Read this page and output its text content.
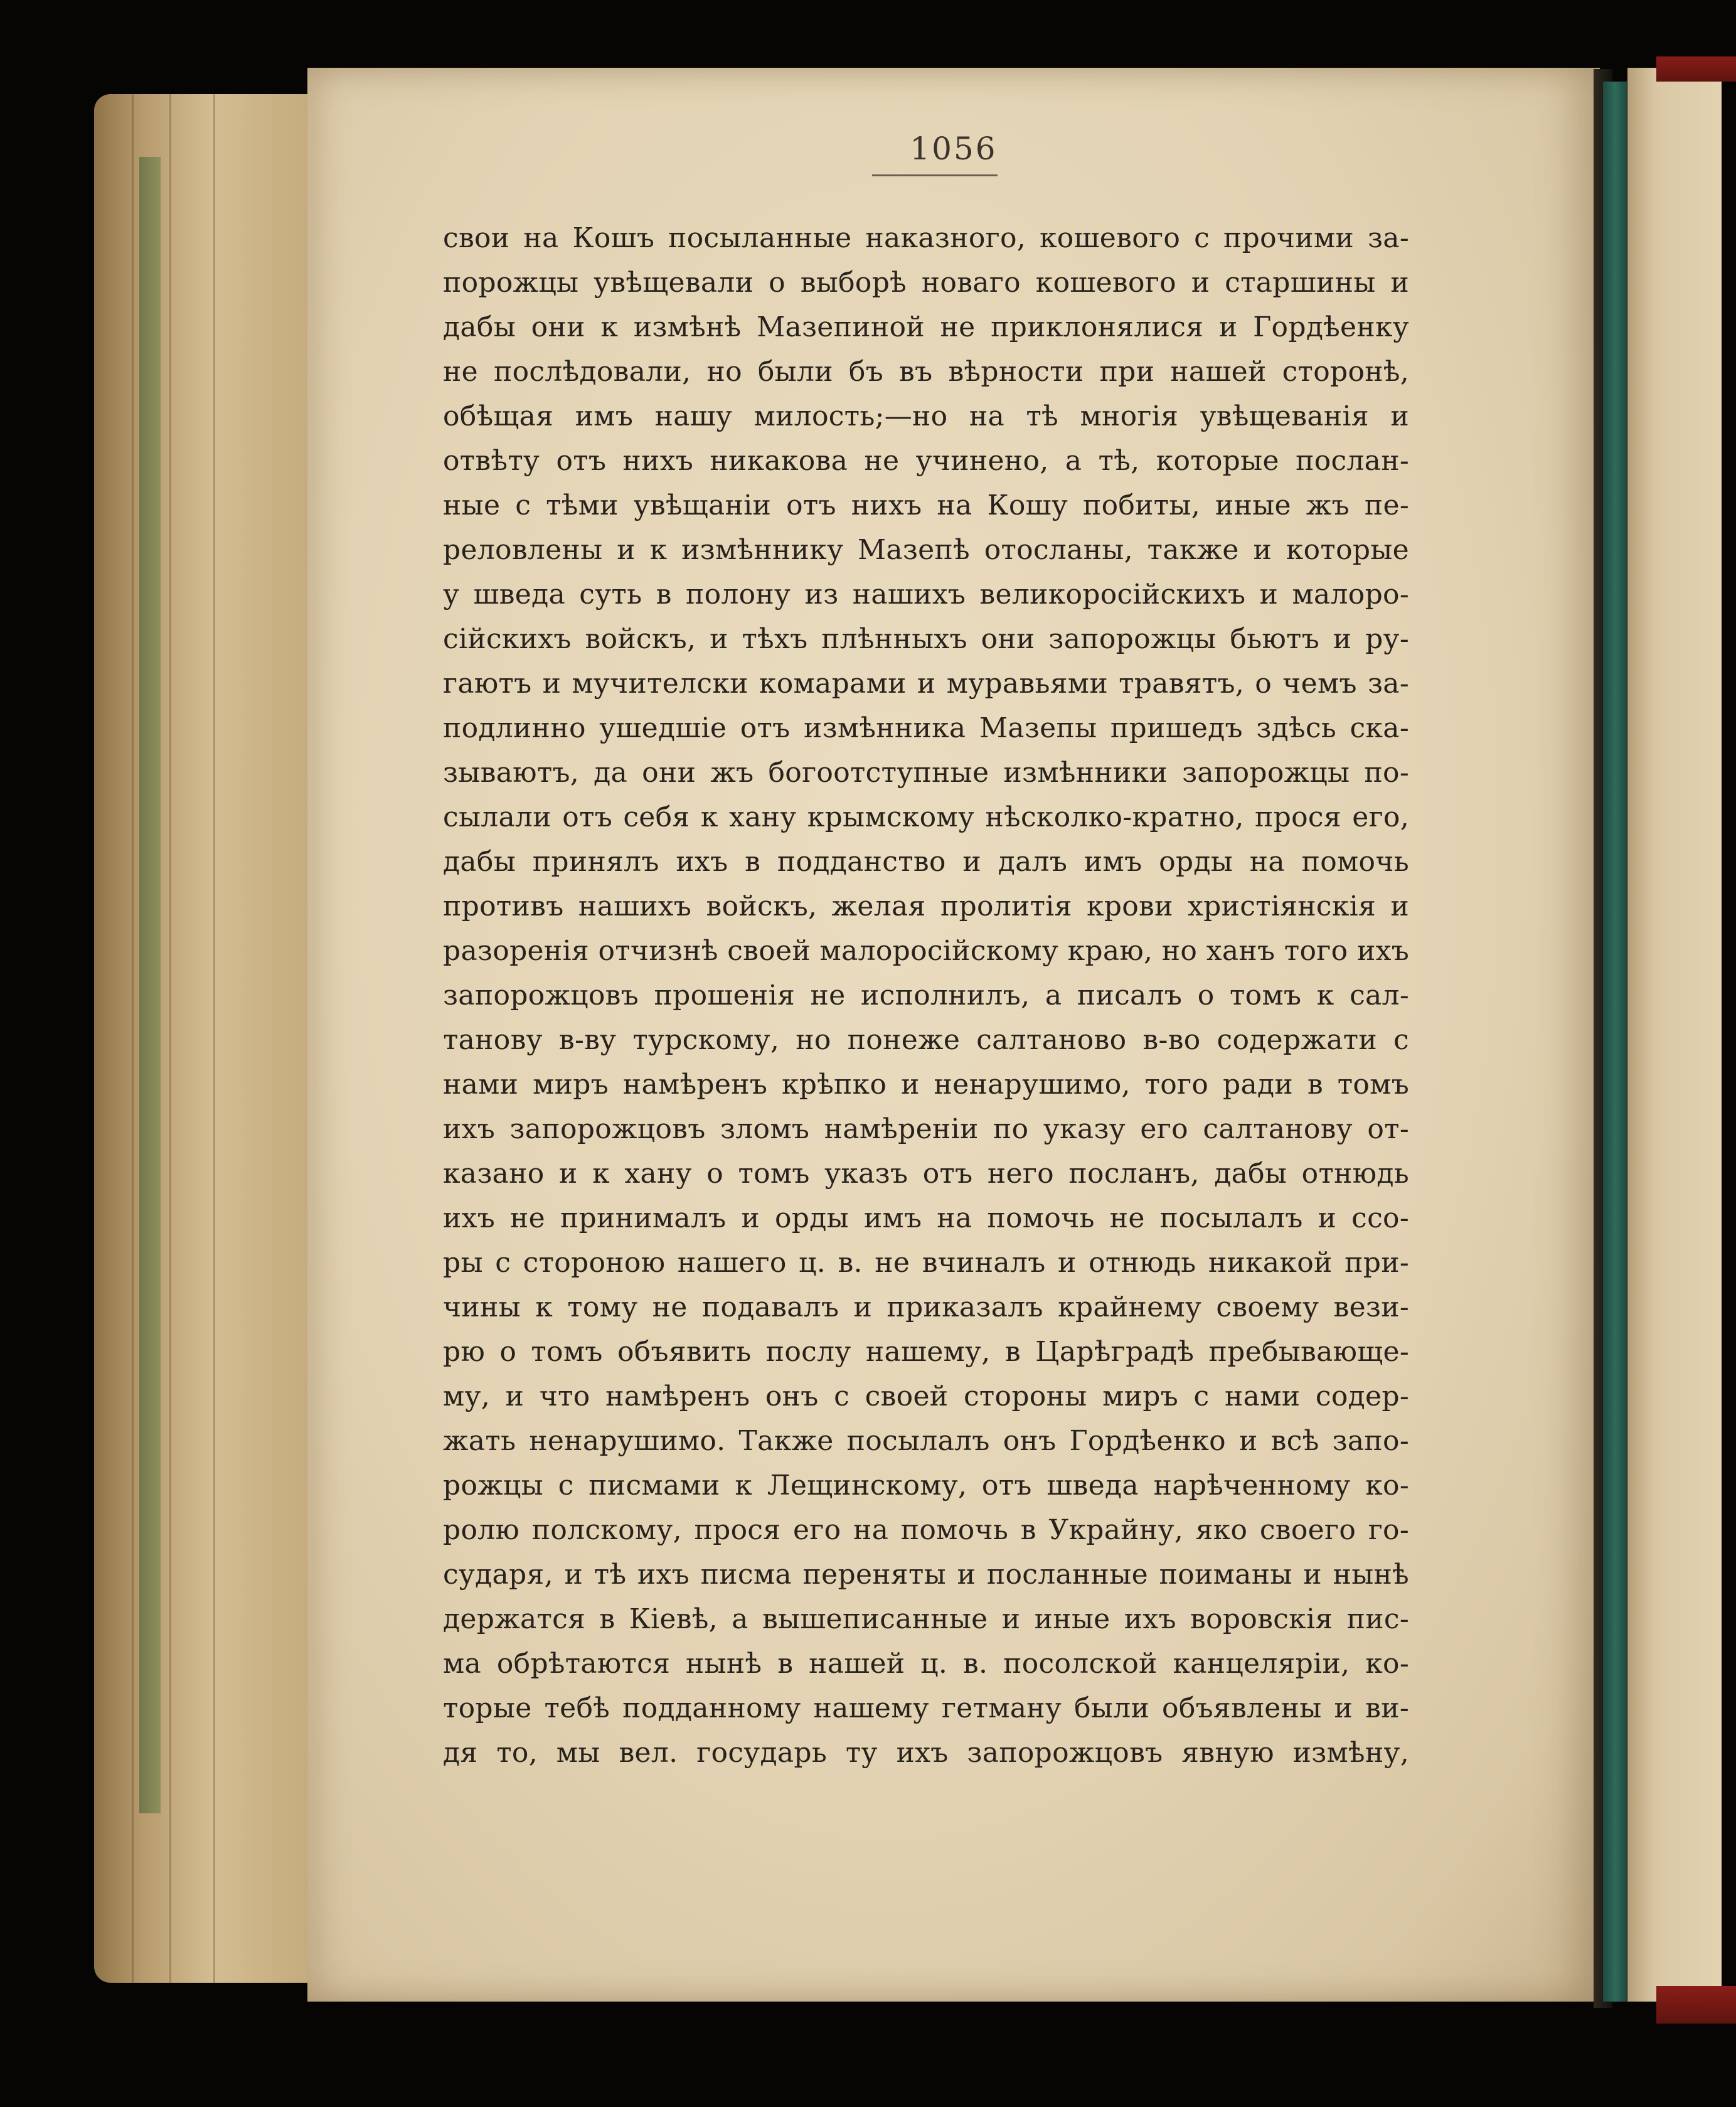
1056
свои на Кошъ посыланные наказного, кошевого с прочими за-
порожцы увѣщевали о выборѣ новаго кошевого и старшины и
дабы они к измѣнѣ Мазепиной не приклонялися и Гордѣенку
не послѣдовали, но были бъ въ вѣрности при нашей сторонѣ,
обѣщая имъ нашу милость;—но на тѣ многія увѣщеванія и
отвѣту отъ нихъ никакова не учинено, а тѣ, которые послан-
ные с тѣми увѣщаніи отъ нихъ на Кошу побиты, иные жъ пе-
реловлены и к измѣннику Мазепѣ отосланы, также и которые
у шведа суть в полону из нашихъ великоросійскихъ и малоро-
сійскихъ войскъ, и тѣхъ плѣнныхъ они запорожцы бьютъ и ру-
гаютъ и мучителски комарами и муравьями травятъ, о чемъ за-
подлинно ушедшіе отъ измѣнника Мазепы пришедъ здѣсь ска-
зываютъ, да они жъ богоотступные измѣнники запорожцы по-
сылали отъ себя к хану крымскому нѣсколко-кратно, прося его,
дабы принялъ ихъ в подданство и далъ имъ орды на помочь
противъ нашихъ войскъ, желая пролитія крови христіянскія и
разоренія отчизнѣ своей малоросійскому краю, но ханъ того ихъ
запорожцовъ прошенія не исполнилъ, а писалъ о томъ к сал-
танову в-ву турскому, но понеже салтаново в-во содержати с
нами миръ намѣренъ крѣпко и ненарушимо, того ради в томъ
ихъ запорожцовъ зломъ намѣреніи по указу его салтанову от-
казано и к хану о томъ указъ отъ него посланъ, дабы отнюдь
ихъ не принималъ и орды имъ на помочь не посылалъ и ссо-
ры с стороною нашего ц. в. не вчиналъ и отнюдь никакой при-
чины к тому не подавалъ и приказалъ крайнему своему вези-
рю о томъ объявить послу нашему, в Царѣградѣ пребывающе-
му, и что намѣренъ онъ с своей стороны миръ с нами содер-
жать ненарушимо. Также посылалъ онъ Гордѣенко и всѣ запо-
рожцы с писмами к Лещинскому, отъ шведа нарѣченному ко-
ролю полскому, прося его на помочь в Украйну, яко своего го-
сударя, и тѣ ихъ писма переняты и посланные поиманы и нынѣ
держатся в Кіевѣ, а вышеписанные и иные ихъ воровскія пис-
ма обрѣтаются нынѣ в нашей ц. в. посолской канцеляріи, ко-
торые тебѣ подданному нашему гетману были объявлены и ви-
дя то, мы вел. государь ту ихъ запорожцовъ явную измѣну,
